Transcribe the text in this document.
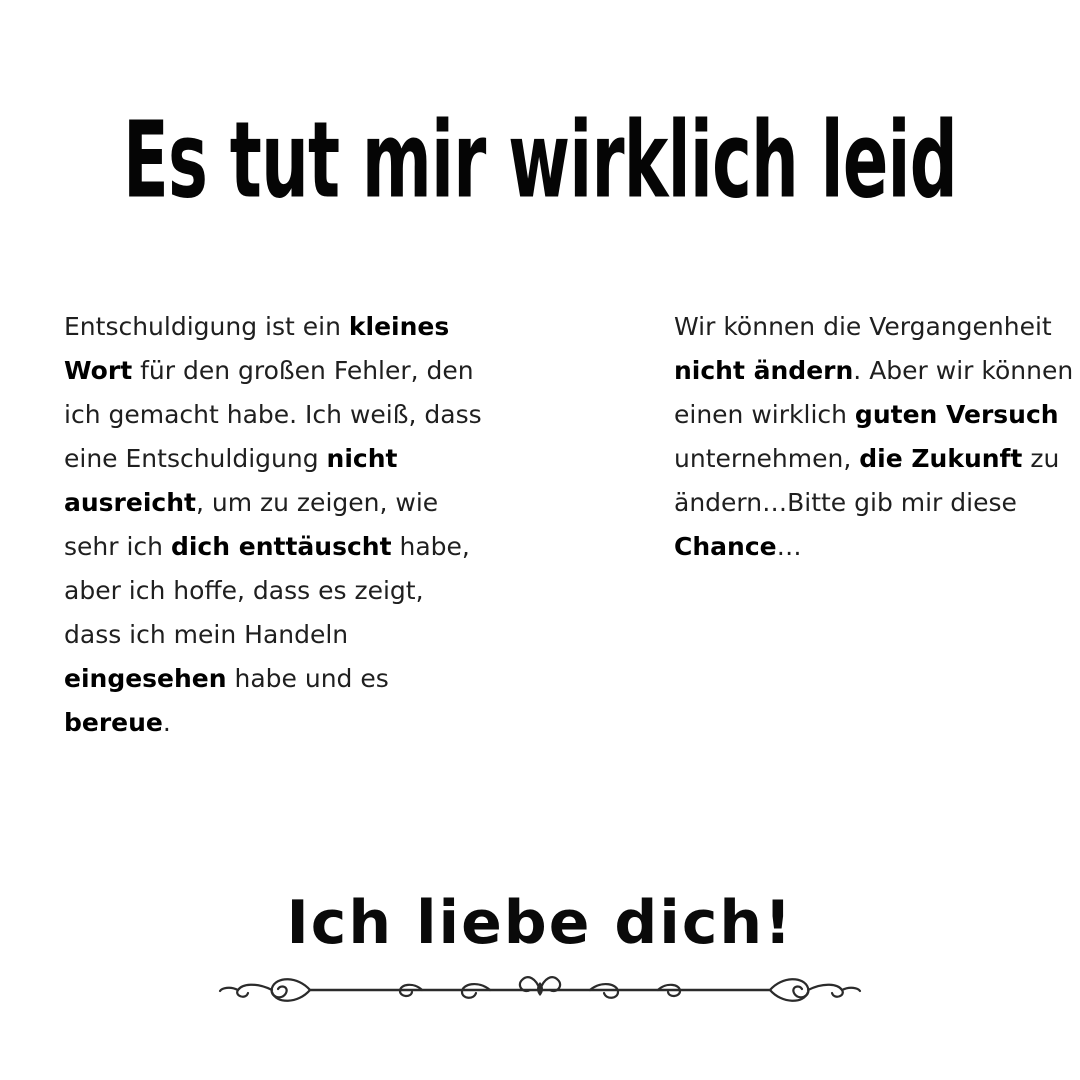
Es tut mir wirklich leid
Entschuldigung ist ein kleines Wort für den großen Fehler, den ich gemacht habe. Ich weiß, dass eine Entschuldigung nicht ausreicht, um zu zeigen, wie sehr ich dich enttäuscht habe, aber ich hoffe, dass es zeigt, dass ich mein Handeln eingesehen habe und es bereue.
Wir können die Vergangenheit nicht ändern. Aber wir können einen wirklich guten Versuch unternehmen, die Zukunft zu ändern…Bitte gib mir diese Chance…
Ich liebe dich!
